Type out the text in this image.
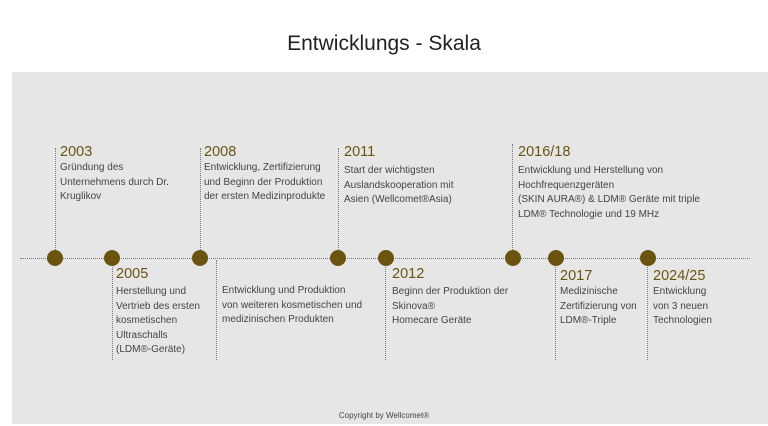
Entwicklungs - Skala
2003
Gründung des
Unternehmens durch Dr.
Kruglikov
2005
Herstellung und
Vertrieb des ersten
kosmetischen
Ultraschalls
(LDM®-Geräte)
2008
Entwicklung, Zertifizierung
und Beginn der Produktion
der ersten Medizinprodukte
Entwicklung und Produktion
von weiteren kosmetischen und
medizinischen Produkten
2011
Start der wichtigsten
Auslandskooperation mit
Asien (Wellcomet®Asia)
2012
Beginn der Produktion der
Skinova®
Homecare Geräte
2016/18
Entwicklung und Herstellung von
Hochfrequenzgeräten
(SKIN AURA®) & LDM® Geräte mit triple
LDM® Technologie und 19 MHz
2017
Medizinische
Zertifizierung von
LDM®-Triple
2024/25
Entwicklung
von 3 neuen
Technologien
Copyright by Wellcomet®
